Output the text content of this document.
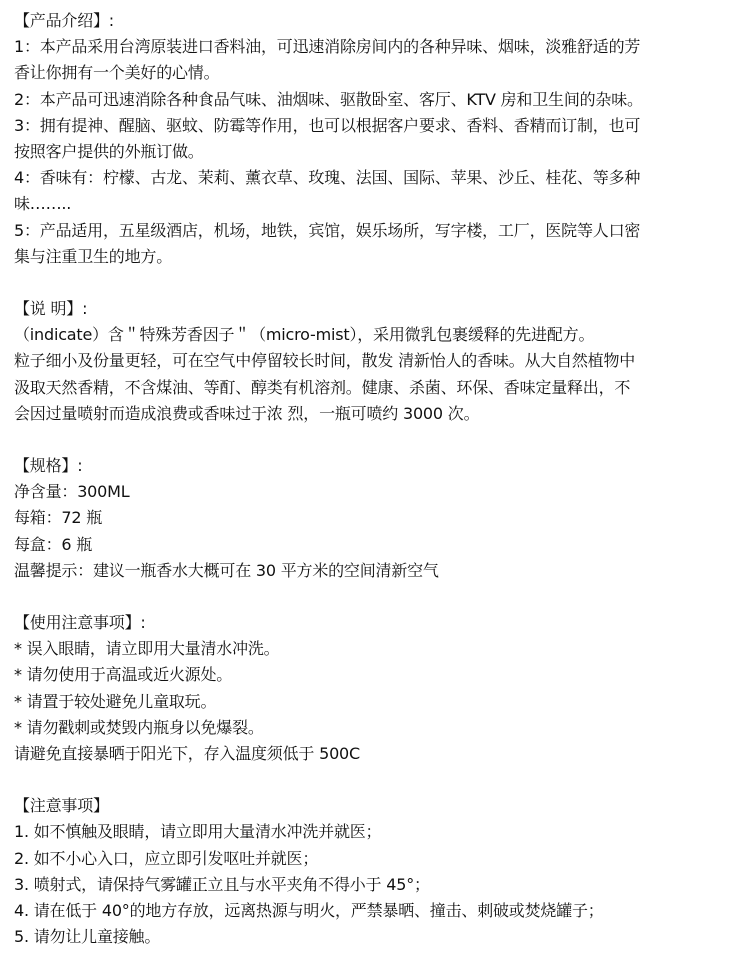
【产品介绍】:
1：本产品采用台湾原装进口香料油，可迅速消除房间内的各种异味、烟味，淡雅舒适的芳
香让你拥有一个美好的心情。
2：本产品可迅速消除各种食品气味、油烟味、驱散卧室、客厅、KTV 房和卫生间的杂味。
3：拥有提神、醒脑、驱蚊、防霉等作用，也可以根据客户要求、香料、香精而订制，也可
按照客户提供的外瓶订做。
4：香味有：柠檬、古龙、茉莉、薰衣草、玫瑰、法国、国际、苹果、沙丘、桂花、等多种
味……..
5：产品适用，五星级酒店，机场，地铁，宾馆，娱乐场所，写字楼，工厂，医院等人口密
集与注重卫生的地方。
【说 明】:
（indicate）含＂特殊芳香因子＂（micro-mist），采用微乳包裹缓释的先进配方。
粒子细小及份量更轻，可在空气中停留较长时间，散发 清新怡人的香味。从大自然植物中
汲取天然香精，不含煤油、等酊、醇类有机溶剂。健康、杀菌、环保、香味定量释出，不
会因过量喷射而造成浪费或香味过于浓 烈，一瓶可喷约 3000 次。
【规格】:
净含量：300ML
每箱：72 瓶
每盒：6 瓶
温馨提示：建议一瓶香水大概可在 30 平方米的空间清新空气
【使用注意事项】:
* 误入眼睛，请立即用大量清水冲洗。
* 请勿使用于高温或近火源处。
* 请置于较处避免儿童取玩。
* 请勿戳刺或焚毁内瓶身以免爆裂。
请避免直接暴晒于阳光下，存入温度须低于 500C
【注意事项】
1. 如不慎触及眼睛，请立即用大量清水冲洗并就医；
2. 如不小心入口，应立即引发呕吐并就医；
3. 喷射式，请保持气雾罐正立且与水平夹角不得小于 45°；
4. 请在低于 40°的地方存放，远离热源与明火，严禁暴晒、撞击、刺破或焚烧罐子；
5. 请勿让儿童接触。
